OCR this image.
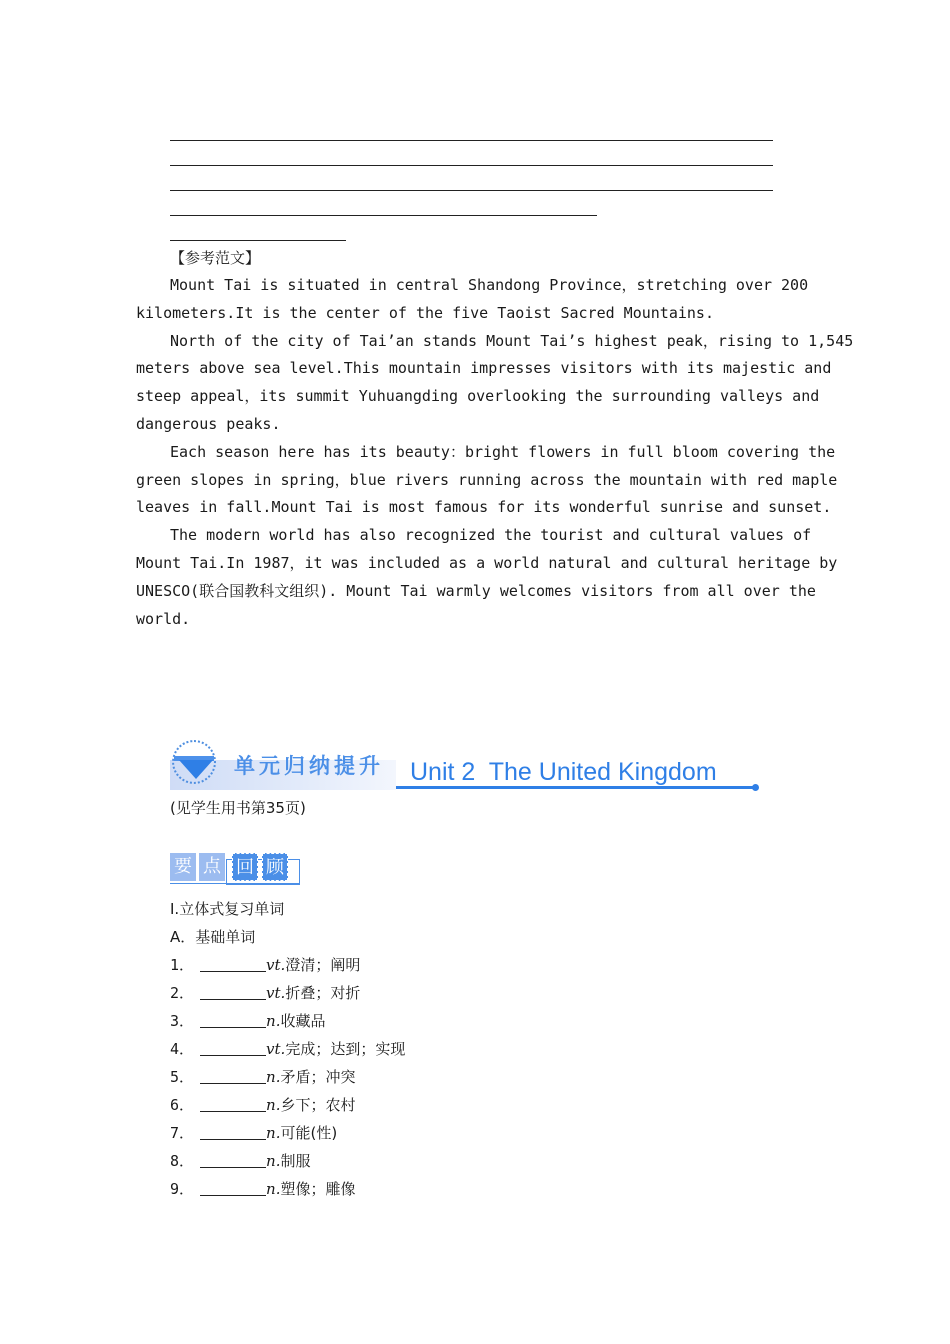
【参考范文】
Mount Tai is situated in central Shandong Province，stretching over 200
kilometers.It is the center of the five Taoist Sacred Mountains.
North of the city of Tai’an stands Mount Tai’s highest peak，rising to 1,545
meters above sea level.This mountain impresses visitors with its majestic and
steep appeal，its summit Yuhuangding overlooking the surrounding valleys and
dangerous peaks.
Each season here has its beauty：bright flowers in full bloom covering the
green slopes in spring，blue rivers running across the mountain with red maple
leaves in fall.Mount Tai is most famous for its wonderful sunrise and sunset.
The modern world has also recognized the tourist and cultural values of
Mount Tai.In 1987，it was included as a world natural and cultural heritage by
UNESCO(联合国教科文组织). Mount Tai warmly welcomes visitors from all over the
world.
单元归纳提升 Unit 2  The United Kingdom
(见学生用书第35页)
要 点 回 顾
Ⅰ.立体式复习单词
A．基础单词
1．	vt.澄清；阐明
2．	vt.折叠；对折
3．	n.收藏品
4．	vt.完成；达到；实现
5．	n.矛盾；冲突
6．	n.乡下；农村
7．	n.可能(性)
8．	n.制服
9．	n.塑像；雕像
